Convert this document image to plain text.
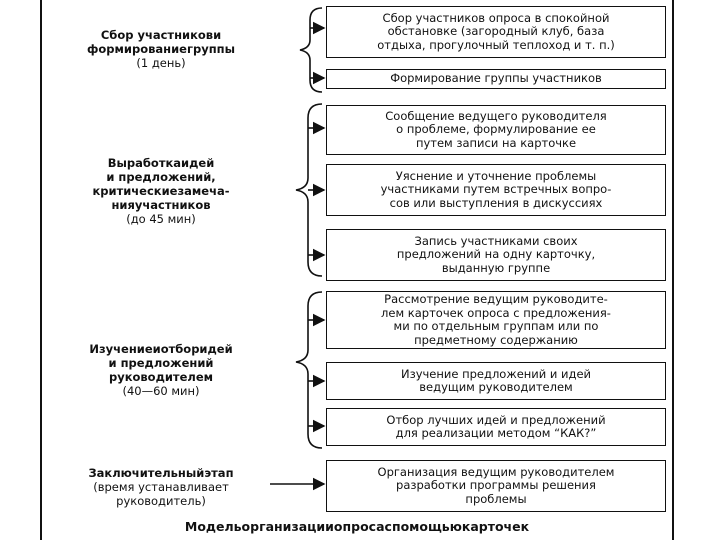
Сбор участникови
формированиегруппы
(1 день)
Выработкаидей
и предложений,
критическиезамеча-
нияучастников
(до 45 мин)
Изучениеиотборидей
и предложений
руководителем
(40—60 мин)
Заключительныйэтап
(время устанавливает
руководитель)
Сбор участников опроса в спокойной
обстановке (загородный клуб, база
отдыха, прогулочный теплоход и т. п.)
Формирование группы участников
Сообщение ведущего руководителя
о проблеме, формулирование ее
путем записи на карточке
Уяснение и уточнение проблемы
участниками путем встречных вопро-
сов или выступления в дискуссиях
Запись участниками своих
предложений на одну карточку,
выданную группе
Рассмотрение ведущим руководите-
лем карточек опроса с предложения-
ми по отдельным группам или по
предметному содержанию
Изучение предложений и идей
ведущим руководителем
Отбор лучших идей и предложений
для реализации методом “КАК?”
Организация ведущим руководителем
разработки программы решения
проблемы
Модельорганизацииопросаспомощьюкарточек
